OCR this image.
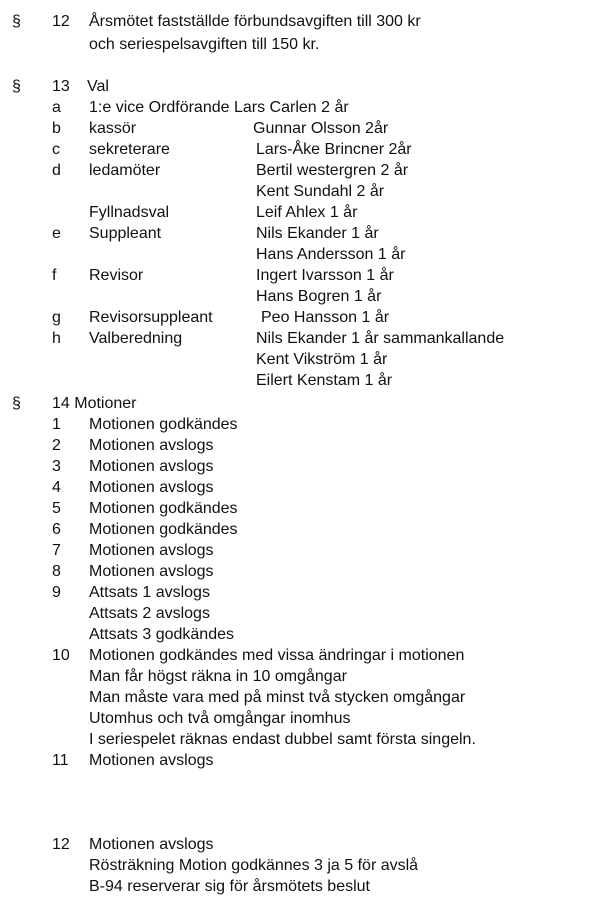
§ 12 Årsmötet fastställde förbundsavgiften till 300 kr
och seriespelsavgiften till 150 kr.
§ 13 Val
a 1:e vice Ordförande Lars Carlen 2 år
b kassör	Gunnar Olsson 2år
c sekreterare	Lars-Åke Brincner 2år
d ledamöter	Bertil westergren 2 år
Kent Sundahl 2 år
Fyllnadsval	Leif Ahlex 1 år
e Suppleant	Nils Ekander 1 år
Hans Andersson 1 år
f Revisor	Ingert Ivarsson 1 år
Hans Bogren 1 år
g Revisorsuppleant	Peo Hansson 1 år
h Valberedning	Nils Ekander 1 år sammankallande
Kent Vikström 1 år
Eilert Kenstam 1 år
§ 14 Motioner
1 Motionen godkändes
2 Motionen avslogs
3 Motionen avslogs
4 Motionen avslogs
5 Motionen godkändes
6 Motionen godkändes
7 Motionen avslogs
8 Motionen avslogs
9 Attsats 1 avslogs
Attsats 2 avslogs
Attsats 3 godkändes
10 Motionen godkändes med vissa ändringar i motionen
Man får högst räkna in 10 omgångar
Man måste vara med på minst två stycken omgångar
Utomhus och två omgångar inomhus
I seriespelet räknas endast dubbel samt första singeln.
11 Motionen avslogs
12 Motionen avslogs
Rösträkning Motion godkännes 3 ja 5 för avslå
B-94 reserverar sig för årsmötets beslut
